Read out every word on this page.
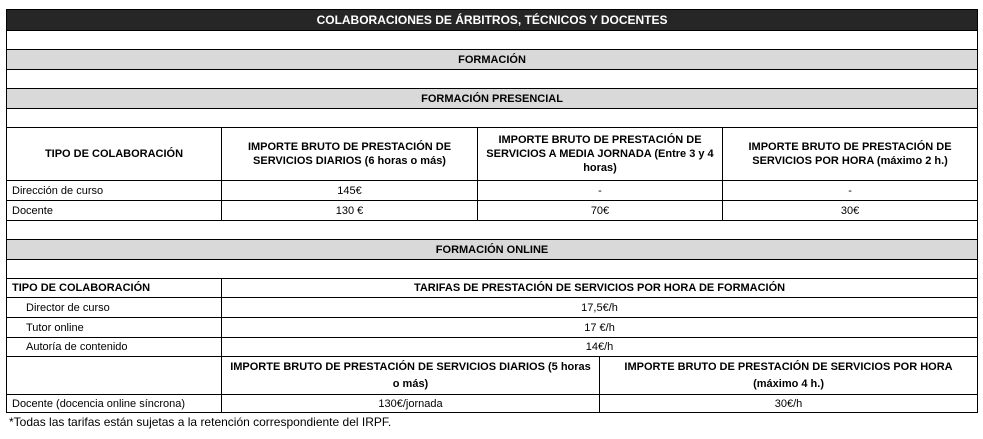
COLABORACIONES DE ÁRBITROS, TÉCNICOS Y DOCENTES				

FORMACIÓN				

FORMACIÓN PRESENCIAL				

TIPO DE COLABORACIÓN	IMPORTE BRUTO DE PRESTACIÓN DE SERVICIOS DIARIOS (6 horas o más)	IMPORTE BRUTO DE PRESTACIÓN DE SERVICIOS A MEDIA JORNADA (Entre 3 y 4 horas)		IMPORTE BRUTO DE PRESTACIÓN DE SERVICIOS POR HORA (máximo 2 h.)
Dirección de curso	145€	-		-
Docente	130 €	70€		30€

FORMACIÓN ONLINE				

TIPO DE COLABORACIÓN	TARIFAS DE PRESTACIÓN DE SERVICIOS POR HORA DE FORMACIÓN			
Director de curso	17,5€/h			
Tutor online	17 €/h			
Autoría de contenido	14€/h			
	IMPORTE BRUTO DE PRESTACIÓN DE SERVICIOS DIARIOS (5 horas o más)		IMPORTE BRUTO DE PRESTACIÓN DE SERVICIOS POR HORA (máximo 4 h.)	
Docente (docencia online síncrona)	130€/jornada		30€/h	
*Todas las tarifas están sujetas a la retención correspondiente del IRPF.
